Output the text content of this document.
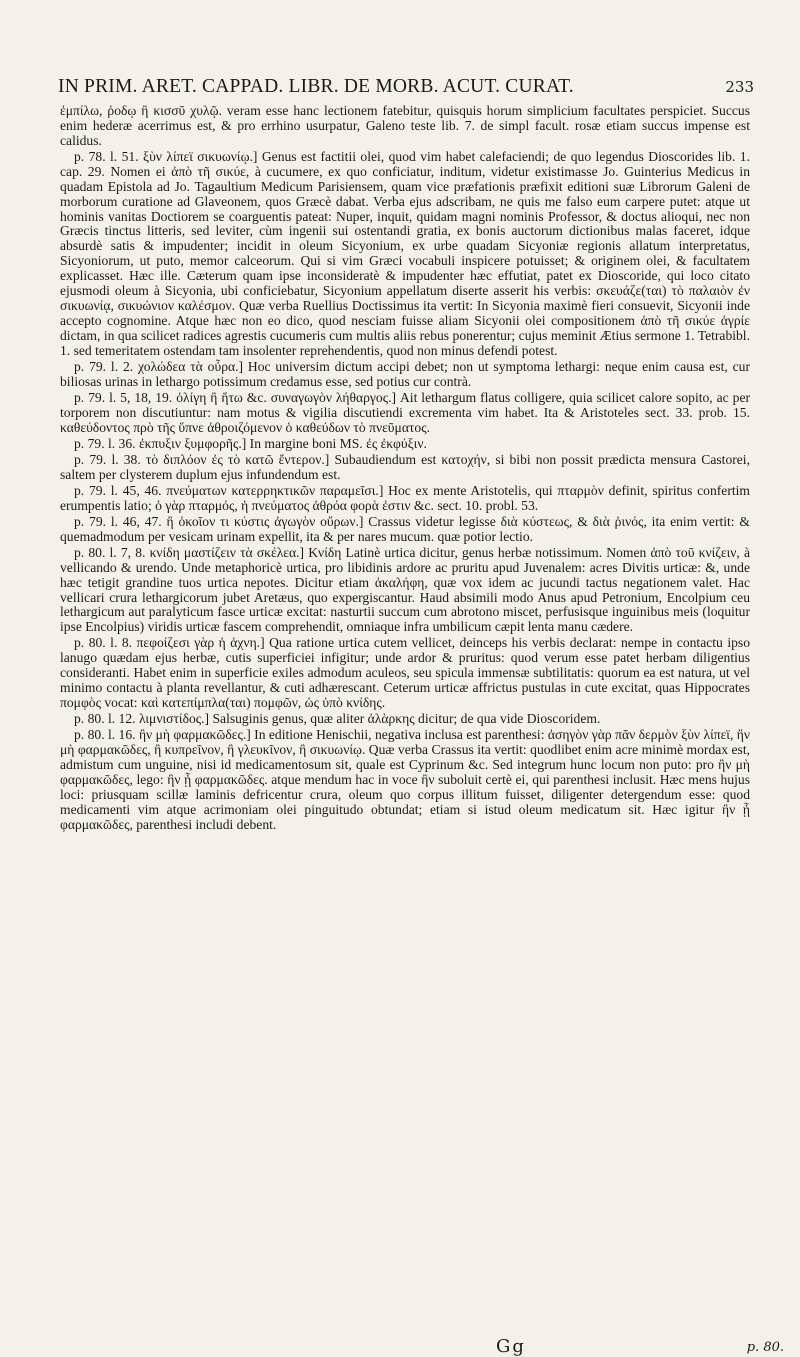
IN PRIM. ARET. CAPPAD. LIBR. DE MORB. ACUT. CURAT.	233

ἐμπίλω, ῥοδῳ ἢ κισσῦ χυλῷ. veram esse hanc lectionem fatebitur, quisquis horum simplicium facultates perspiciet. Succus enim hederæ acerrimus est, & pro errhino usurpatur, Galeno teste lib. 7. de simpl facult. rosæ etiam succus impense est calidus.

p. 78. l. 51. ξὺν λίπεϊ σικυωνίῳ.] Genus est factitii olei, quod vim habet calefaciendi; de quo legendus Dioscorides lib. 1. cap. 29. Nomen ei ἀπὸ τῆ σικύε, à cucumere, ex quo conficiatur, inditum, videtur existimasse Jo. Guinterius Medicus in quadam Epistola ad Jo. Tagaultium Medicum Parisiensem, quam vice præfationis præfixit editioni suæ Librorum Galeni de morborum curatione ad Glaveonem, quos Græcè dabat. Verba ejus adscribam, ne quis me falso eum carpere putet: atque ut hominis vanitas Doctiorem se coarguentis pateat: Nuper, inquit, quidam magni nominis Professor, & doctus alioqui, nec non Græcis tinctus litteris, sed leviter, cùm ingenii sui ostentandi gratia, ex bonis auctorum dictionibus malas faceret, idque absurdè satis & impudenter; incidit in oleum Sicyonium, ex urbe quadam Sicyoniæ regionis allatum interpretatus, Sicyoniorum, ut puto, memor calceorum. Qui si vim Græci vocabuli inspicere potuisset; & originem olei, & facultatem explicasset. Hæc ille. Cæterum quam ipse inconsideratè & impudenter hæc effutiat, patet ex Dioscoride, qui loco citato ejusmodi oleum à Sicyonia, ubi conficiebatur, Sicyonium appellatum diserte asserit his verbis: σκευάζε(ται) τὸ παλαιὸν ἐν σικυωνίᾳ, σικυώνιον καλέσμον. Quæ verba Ruellius Doctissimus ita vertit: In Sicyonia maximè fieri consuevit, Sicyonii inde accepto cognomine. Atque hæc non eo dico, quod nesciam fuisse aliam Sicyonii olei compositionem ἀπὸ τῆ σικύε ἀγρίε dictam, in qua scilicet radices agrestis cucumeris cum multis aliis rebus ponerentur; cujus meminit Ætius sermone 1. Tetrabibl. 1. sed temeritatem ostendam tam insolenter reprehendentis, quod non minus defendi potest.

p. 79. l. 2. χολώδεα τὰ οὖρα.] Hoc universim dictum accipi debet; non ut symptoma lethargi: neque enim causa est, cur biliosas urinas in lethargo potissimum credamus esse, sed potius cur contrà.

p. 79. l. 5, 18, 19. ὀλίγη ἢ ἥτω &c. συναγωγὸν λήθαργος.] Ait lethargum flatus colligere, quia scilicet calore sopito, ac per torporem non discutiuntur: nam motus & vigilia discutiendi excrementa vim habet. Ita & Aristoteles sect. 33. prob. 15. καθεύδοντος πρὸ τῆς ὕπνε ἀθροιζόμενον ὁ καθεύδων τὸ πνεῦματος.

p. 79. l. 36. ἐκπυξιν ξυμφορῆς.] In margine boni MS. ἐς ἐκφύξιν.

p. 79. l. 38. τὸ διπλόον ἐς τὸ κατῶ ἔντερον.] Subaudiendum est κατοχήν, si bibi non possit prædicta mensura Castorei, saltem per clysterem duplum ejus infundendum est.

p. 79. l. 45, 46. πνεύματων κατερρηκτικῶν παραμεῖσι.] Hoc ex mente Aristotelis, qui πταρμὸν definit, spiritus confertim erumpentis latio; ὁ γὰρ πταρμός, ἡ πνεύματος ἀθρόα φορὰ ἐστιν &c. sect. 10. probl. 53.

p. 79. l. 46, 47. ἢ ὁκοῖον τι κύστις ἀγωγὸν οὔρων.] Crassus videtur legisse διὰ κύστεως, & διὰ ῥινός, ita enim vertit: & quemadmodum per vesicam urinam expellit, ita & per nares mucum. quæ potior lectio.

p. 80. l. 7, 8. κνίδη μαστίζειν τὰ σκέλεα.] Κνίδη Latinè urtica dicitur, genus herbæ notissimum. Nomen ἀπὸ τοῦ κνίζειν, à vellicando & urendo. Unde metaphoricè urtica, pro libidinis ardore ac pruritu apud Juvenalem: acres Divitis urticæ: &, unde hæc tetigit grandine tuos urtica nepotes. Dicitur etiam ἀκαλήφη, quæ vox idem ac jucundi tactus negationem valet. Hac vellicari crura lethargicorum jubet Aretæus, quo expergiscantur. Haud absimili modo Anus apud Petronium, Encolpium ceu lethargicum aut paralyticum fasce urticæ excitat: nasturtii succum cum abrotono miscet, perfusisque inguinibus meis (loquitur ipse Encolpius) viridis urticæ fascem comprehendit, omniaque infra umbilicum cæpit lenta manu cædere.

p. 80. l. 8. πεφοίζεσι γὰρ ἡ ἀχνη.] Qua ratione urtica cutem vellicet, deinceps his verbis declarat: nempe in contactu ipso lanugo quædam ejus herbæ, cutis superficiei infigitur; unde ardor & pruritus: quod verum esse patet herbam diligentius consideranti. Habet enim in superficie exiles admodum aculeos, seu spicula immensæ subtilitatis: quorum ea est natura, ut vel minimo contactu à planta revellantur, & cuti adhærescant. Ceterum urticæ affrictus pustulas in cute excitat, quas Hippocrates πομφὸς vocat: καὶ κατεπίμπλα(ται) πομφῶν, ὡς ὑπὸ κνίδης.

p. 80. l. 12. λιμνιστίδος.] Salsuginis genus, quæ aliter ἀλὰρκης dicitur; de qua vide Dioscoridem.

p. 80. l. 16. ἢν μὴ φαρμακῶδες.] In editione Henischii, negativa inclusa est parenthesi: ἀσηγὸν γὰρ πᾶν δερμὸν ξὺν λίπεϊ, ἢν μὴ φαρμακῶδες, ἢ κυπρεῖνον, ἢ γλευκῖνον, ἢ σικυωνίῳ. Quæ verba Crassus ita vertit: quodlibet enim acre minimè mordax est, admistum cum unguine, nisi id medicamentosum sit, quale est Cyprinum &c. Sed integrum hunc locum non puto: pro ἢν μὴ φαρμακῶδες, lego: ἢν ᾖ φαρμακῶδες. atque mendum hac in voce ἢν suboluit certè ei, qui parenthesi inclusit. Hæc mens hujus loci: priusquam scillæ laminis defricentur crura, oleum quo corpus illitum fuisset, diligenter detergendum esse: quod medicamenti vim atque acrimoniam olei pinguitudo obtundat; etiam si istud oleum medicatum sit. Hæc igitur ἢν ᾖ φαρμακῶδες, parenthesi includi debent.

Gg	p. 80.
